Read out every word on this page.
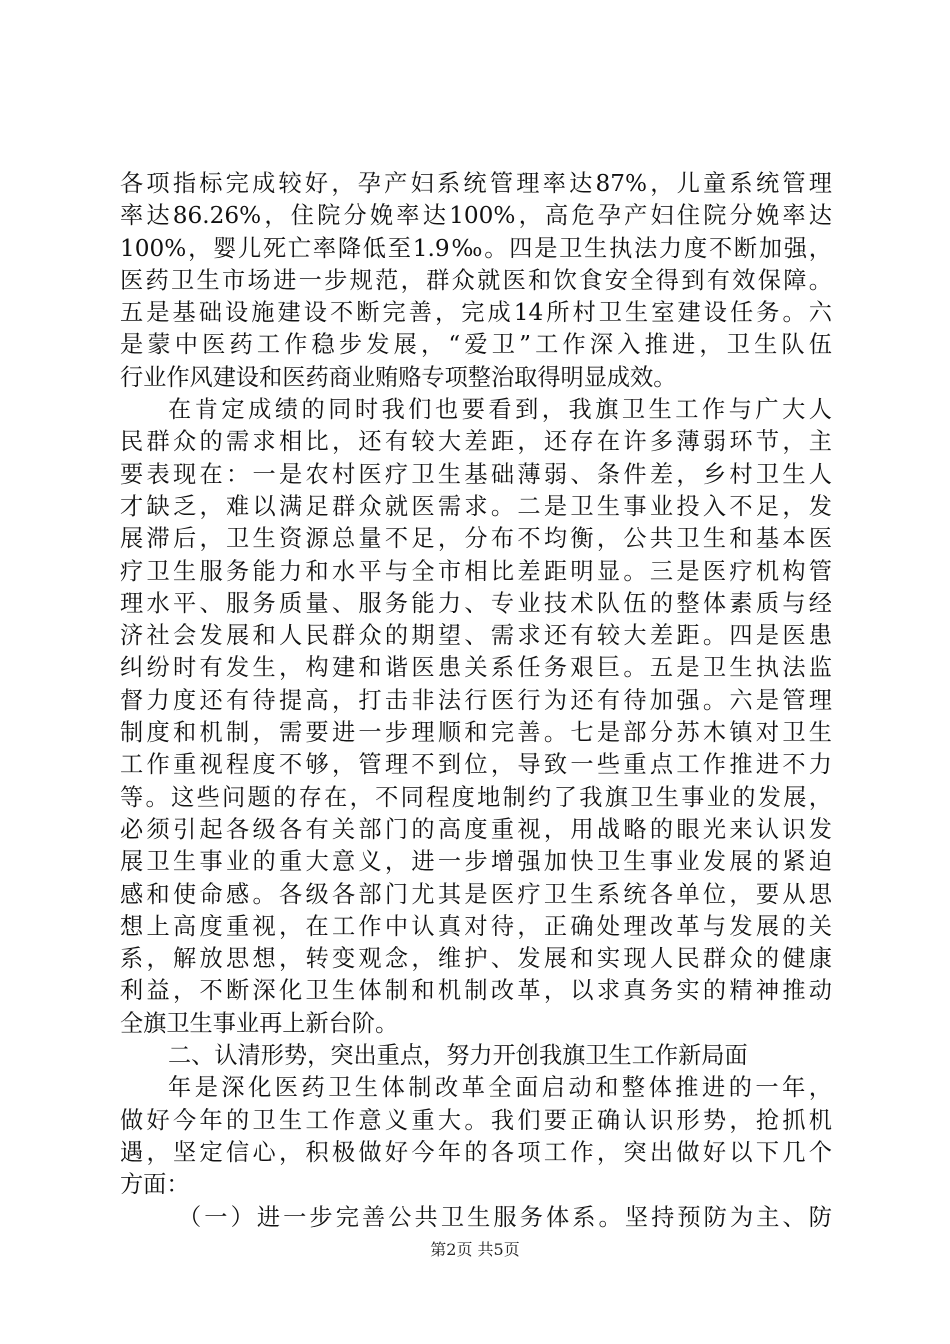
各项指标完成较好，孕产妇系统管理率达87%，儿童系统管理
率达86.26%，住院分娩率达100%，高危孕产妇住院分娩率达
100%，婴儿死亡率降低至1.9‰。四是卫生执法力度不断加强，
医药卫生市场进一步规范，群众就医和饮食安全得到有效保障。
五是基础设施建设不断完善，完成14所村卫生室建设任务。六
是蒙中医药工作稳步发展，“爱卫”工作深入推进，卫生队伍
行业作风建设和医药商业贿赂专项整治取得明显成效。
在肯定成绩的同时我们也要看到，我旗卫生工作与广大人
民群众的需求相比，还有较大差距，还存在许多薄弱环节，主
要表现在：一是农村医疗卫生基础薄弱、条件差，乡村卫生人
才缺乏，难以满足群众就医需求。二是卫生事业投入不足，发
展滞后，卫生资源总量不足，分布不均衡，公共卫生和基本医
疗卫生服务能力和水平与全市相比差距明显。三是医疗机构管
理水平、服务质量、服务能力、专业技术队伍的整体素质与经
济社会发展和人民群众的期望、需求还有较大差距。四是医患
纠纷时有发生，构建和谐医患关系任务艰巨。五是卫生执法监
督力度还有待提高，打击非法行医行为还有待加强。六是管理
制度和机制，需要进一步理顺和完善。七是部分苏木镇对卫生
工作重视程度不够，管理不到位，导致一些重点工作推进不力
等。这些问题的存在，不同程度地制约了我旗卫生事业的发展，
必须引起各级各有关部门的高度重视，用战略的眼光来认识发
展卫生事业的重大意义，进一步增强加快卫生事业发展的紧迫
感和使命感。各级各部门尤其是医疗卫生系统各单位，要从思
想上高度重视，在工作中认真对待，正确处理改革与发展的关
系，解放思想，转变观念，维护、发展和实现人民群众的健康
利益，不断深化卫生体制和机制改革，以求真务实的精神推动
全旗卫生事业再上新台阶。
二、认清形势，突出重点，努力开创我旗卫生工作新局面
年是深化医药卫生体制改革全面启动和整体推进的一年，
做好今年的卫生工作意义重大。我们要正确认识形势，抢抓机
遇，坚定信心，积极做好今年的各项工作，突出做好以下几个
方面：
（一）进一步完善公共卫生服务体系。坚持预防为主、防
第2页 共5页
